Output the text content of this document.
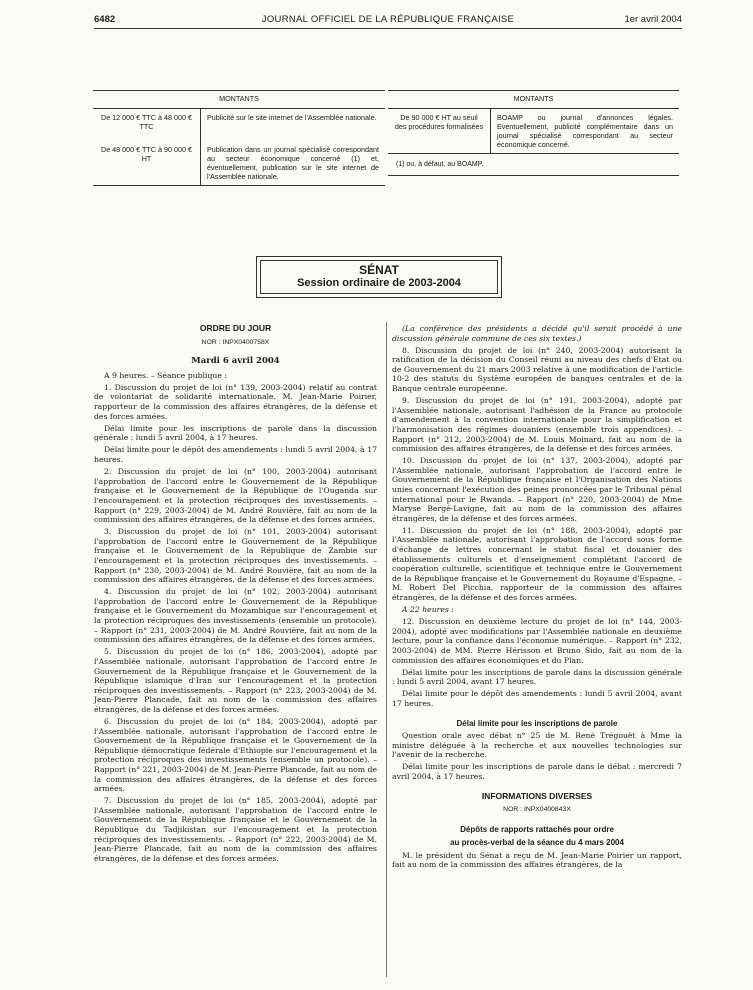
6482	JOURNAL OFFICIEL DE LA RÉPUBLIQUE FRANÇAISE	1er avril 2004
MONTANTS	
De 12 000 € TTC à 48 000 € TTC	Publicité sur le site internet de l'Assemblée nationale.
De 48 000 € TTC à 90 000 € HT	Publication dans un journal spécialisé correspondant au secteur économique concerné (1) et, éventuellement, publication sur le site internet de l'Assemblée nationale.
MONTANTS
De 90 000 € HT au seuil des procédures formalisées	BOAMP ou journal d'annonces légales. Eventuellement, publicité complémentaire dans un journal spécialisé correspondant au secteur économique concerné.
(1) ou, à défaut, au BOAMP.
SÉNAT
Session ordinaire de 2003-2004
ORDRE DU JOUR
NOR : INPX0400758X
Mardi 6 avril 2004

A 9 heures. – Séance publique :

1. Discussion du projet de loi (n° 139, 2003-2004) relatif au contrat de volontariat de solidarité internationale. M. Jean-Marie Poirier, rapporteur de la commission des affaires étrangères, de la défense et des forces armées.

Délai limite pour les inscriptions de parole dans la discussion générale : lundi 5 avril 2004, à 17 heures.

Délai limite pour le dépôt des amendements : lundi 5 avril 2004, à 17 heures.

2. Discussion du projet de loi (n° 100, 2003-2004) autorisant l'approbation de l'accord entre le Gouvernement de la République française et le Gouvernement de la République de l'Ouganda sur l'encouragement et la protection réciproques des investissements. – Rapport (n° 229, 2003-2004) de M. André Rouvière, fait au nom de la commission des affaires étrangères, de la défense et des forces armées.

3. Discussion du projet de loi (n° 101, 2003-2004) autorisant l'approbation de l'accord entre le Gouvernement de la République française et le Gouvernement de la République de Zambie sur l'encouragement et la protection réciproques des investissements. – Rapport (n° 230, 2003-2004) de M. André Rouvière, fait au nom de la commission des affaires étrangères, de la défense et des forces armées.

4. Discussion du projet de loi (n° 102, 2003-2004) autorisant l'approbation de l'accord entre le Gouvernement de la République française et le Gouvernement du Mozambique sur l'encouragement et la protection réciproques des investissements (ensemble un protocole). – Rapport (n° 231, 2003-2004) de M. André Rouvière, fait au nom de la commission des affaires étrangères, de la défense et des forces armées.

5. Discussion du projet de loi (n° 186, 2003-2004), adopté par l'Assemblée nationale, autorisant l'approbation de l'accord entre le Gouvernement de la République française et le Gouvernement de la République islamique d'Iran sur l'encouragement et la protection réciproques des investissements. – Rapport (n° 223, 2003-2004) de M. Jean-Pierre Plancade, fait au nom de la commission des affaires étrangères, de la défense et des forces armées.

6. Discussion du projet de loi (n° 184, 2003-2004), adopté par l'Assemblée nationale, autorisant l'approbation de l'accord entre le Gouvernement de la République française et le Gouvernement de la République démocratique fédérale d'Ethiopie sur l'encouragement et la protection réciproques des investissements (ensemble un protocole). – Rapport (n° 221, 2003-2004) de M. Jean-Pierre Plancade, fait au nom de la commission des affaires étrangères, de la défense et des forces armées.

7. Discussion du projet de loi (n° 185, 2003-2004), adopté par l'Assemblée nationale, autorisant l'approbation de l'accord entre le Gouvernement de la République française et le Gouvernement de la République du Tadjikistan sur l'encouragement et la protection réciproques des investissements. – Rapport (n° 222, 2003-2004) de M. Jean-Pierre Plancade, fait au nom de la commission des affaires étrangères, de la défense et des forces armées.

(La conférence des présidents a décidé qu'il serait procédé à une discussion générale commune de ces six textes.)

8. Discussion du projet de loi (n° 240, 2003-2004) autorisant la ratification de la décision du Conseil réuni au niveau des chefs d'Etat ou de Gouvernement du 21 mars 2003 relative à une modification de l'article 10-2 des statuts du Système européen de banques centrales et de la Banque centrale européenne.

9. Discussion du projet de loi (n° 191, 2003-2004), adopté par l'Assemblée nationale, autorisant l'adhésion de la France au protocole d'amendement à la convention internationale pour la simplification et l'harmonisation des régimes douaniers (ensemble trois appendices). – Rapport (n° 212, 2003-2004) de M. Louis Moinard, fait au nom de la commission des affaires étrangères, de la défense et des forces armées.

10. Discussion du projet de loi (n° 137, 2003-2004), adopté par l'Assemblée nationale, autorisant l'approbation de l'accord entre le Gouvernement de la République française et l'Organisation des Nations unies concernant l'exécution des peines prononcées par le Tribunal pénal international pour le Rwanda. – Rapport (n° 220, 2003-2004) de Mme Maryse Bergé-Lavigne, fait au nom de la commission des affaires étrangères, de la défense et des forces armées.

11. Discussion du projet de loi (n° 188, 2003-2004), adopté par l'Assemblée nationale, autorisant l'approbation de l'accord sous forme d'échange de lettres concernant le statut fiscal et douanier des établissements culturels et d'enseignement complétant l'accord de coopération culturelle, scientifique et technique entre le Gouvernement de la République française et le Gouvernement du Royaume d'Espagne. – M. Robert Del Picchia, rapporteur de la commission des affaires étrangères, de la défense et des forces armées.

A 22 heures :

12. Discussion en deuxième lecture du projet de loi (n° 144, 2003-2004), adopté avec modifications par l'Assemblée nationale en deuxième lecture, pour la confiance dans l'économie numérique. – Rapport (n° 232, 2003-2004) de MM. Pierre Hérisson et Bruno Sido, fait au nom de la commission des affaires économiques et du Plan.

Délai limite pour les inscriptions de parole dans la discussion générale : lundi 5 avril 2004, avant 17 heures.

Délai limite pour le dépôt des amendements : lundi 5 avril 2004, avant 17 heures.

Délai limite pour les inscriptions de parole

Question orale avec débat n° 25 de M. René Trégouët à Mme la ministre déléguée à la recherche et aux nouvelles technologies sur l'avenir de la recherche.

Délai limite pour les inscriptions de parole dans le débat : mercredi 7 avril 2004, à 17 heures.

INFORMATIONS DIVERSES
NOR : INPX0400843X
Dépôts de rapports rattachés pour ordre
au procès-verbal de la séance du 4 mars 2004

M. le président du Sénat a reçu de M. Jean-Marie Poirier un rapport, fait au nom de la commission des affaires étrangères, de la
